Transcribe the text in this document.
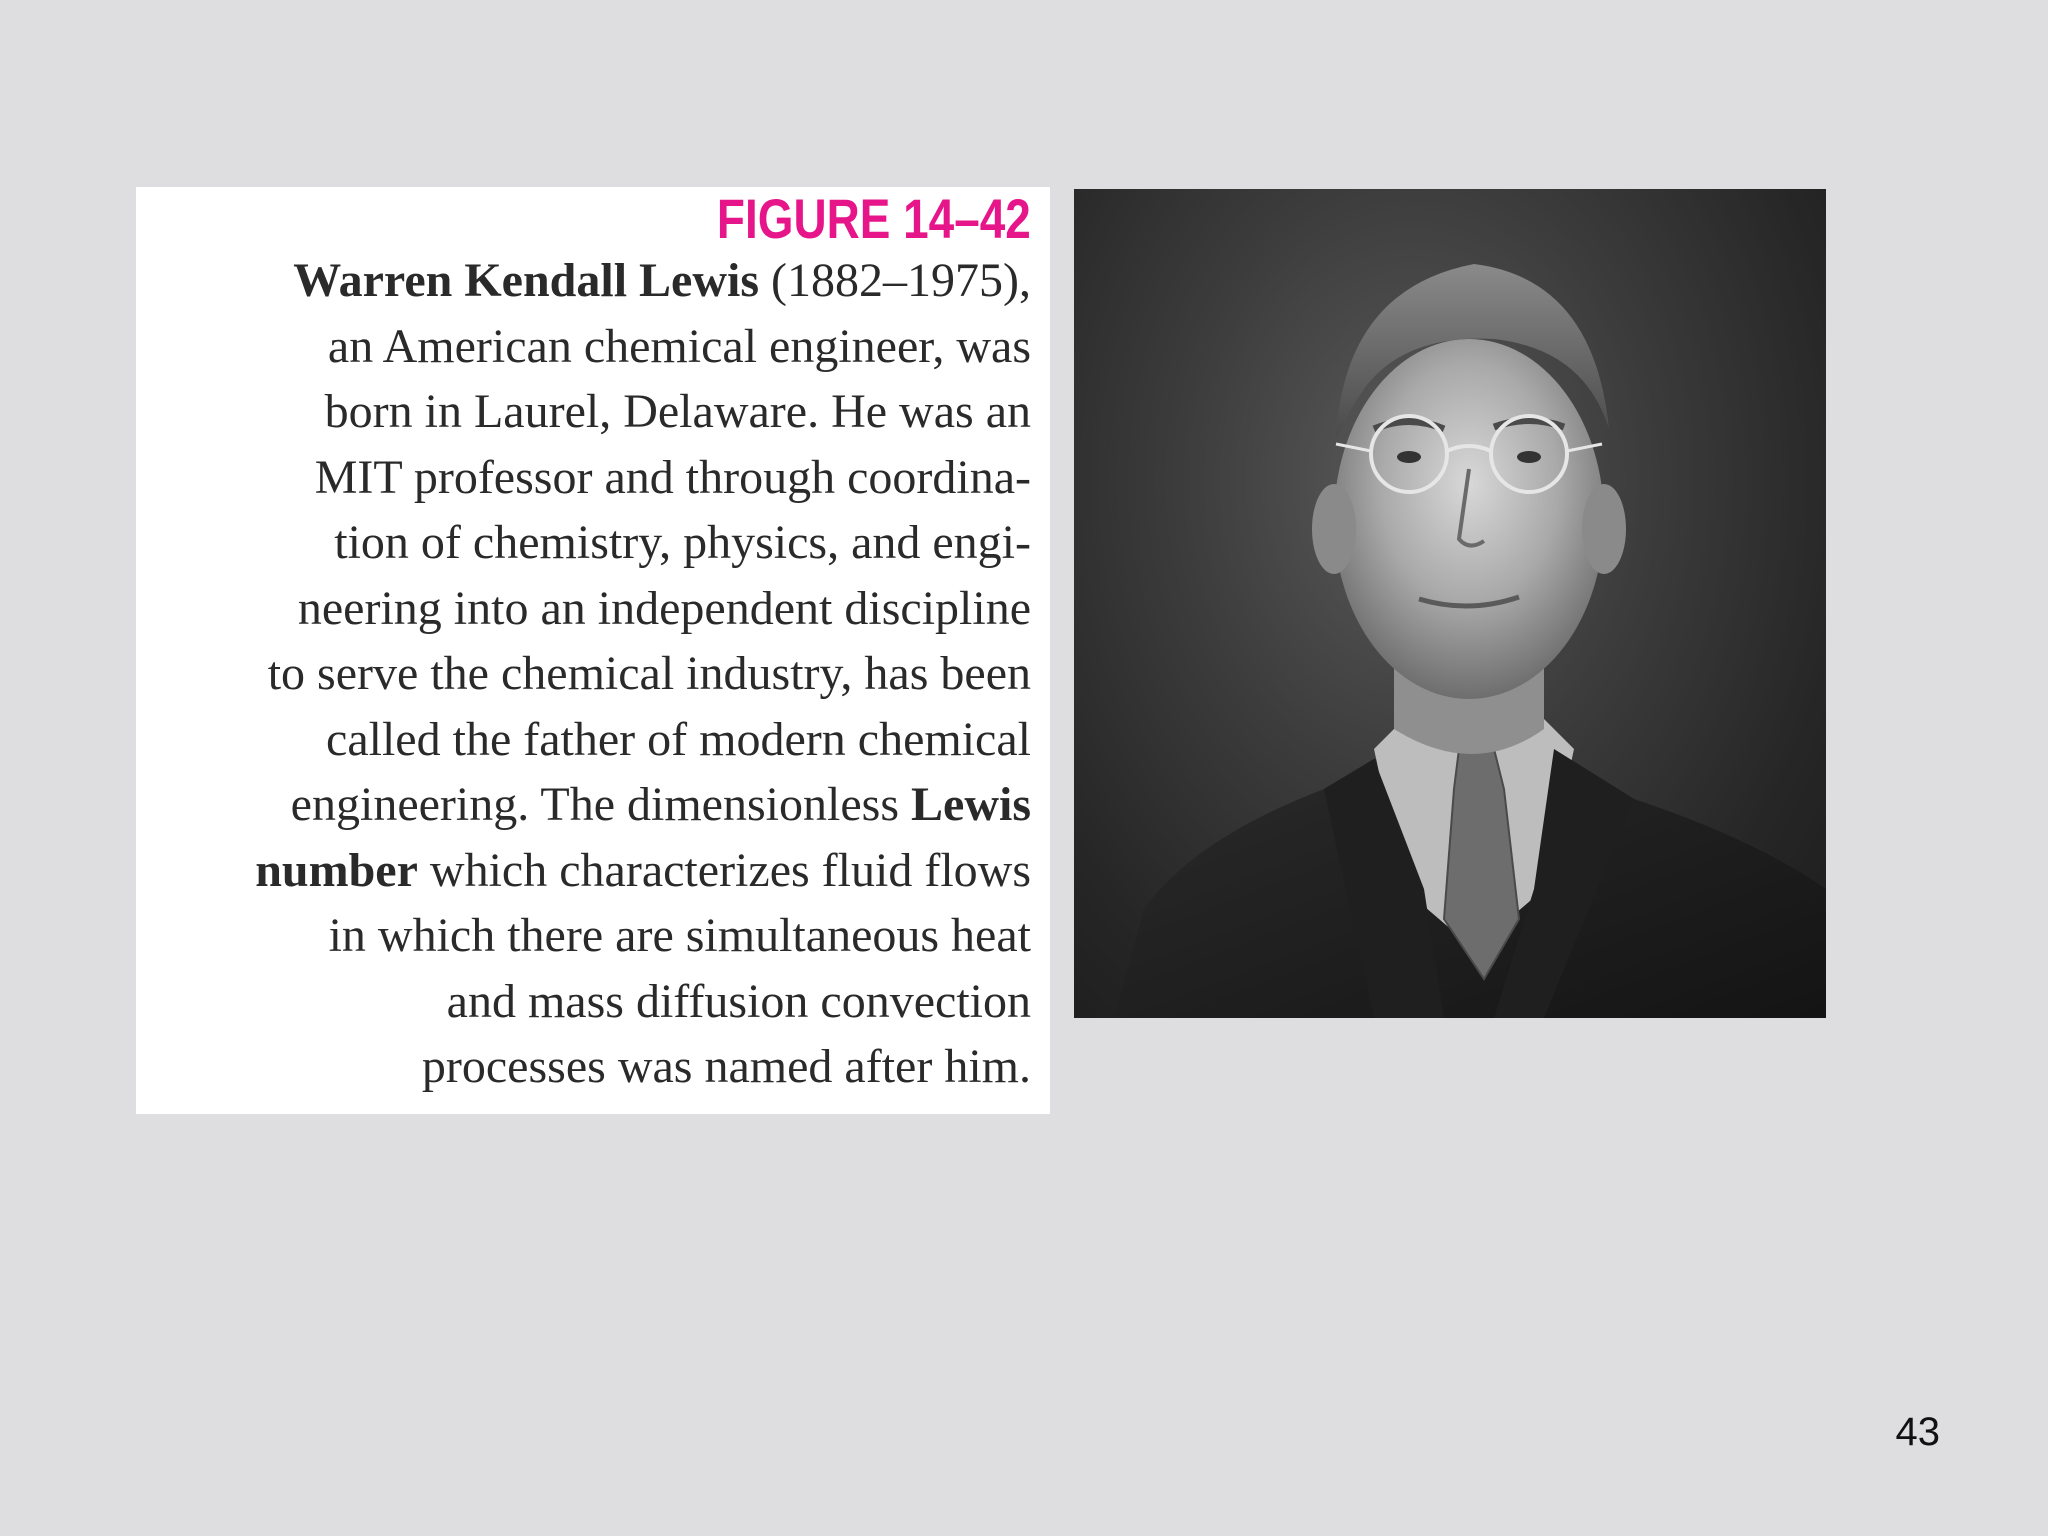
FIGURE 14–42
Warren Kendall Lewis (1882–1975),
an American chemical engineer, was
born in Laurel, Delaware. He was an
MIT professor and through coordina-
tion of chemistry, physics, and engi-
neering into an independent discipline
to serve the chemical industry, has been
called the father of modern chemical
engineering. The dimensionless Lewis
number which characterizes fluid flows
in which there are simultaneous heat
and mass diffusion convection
processes was named after him.
43
